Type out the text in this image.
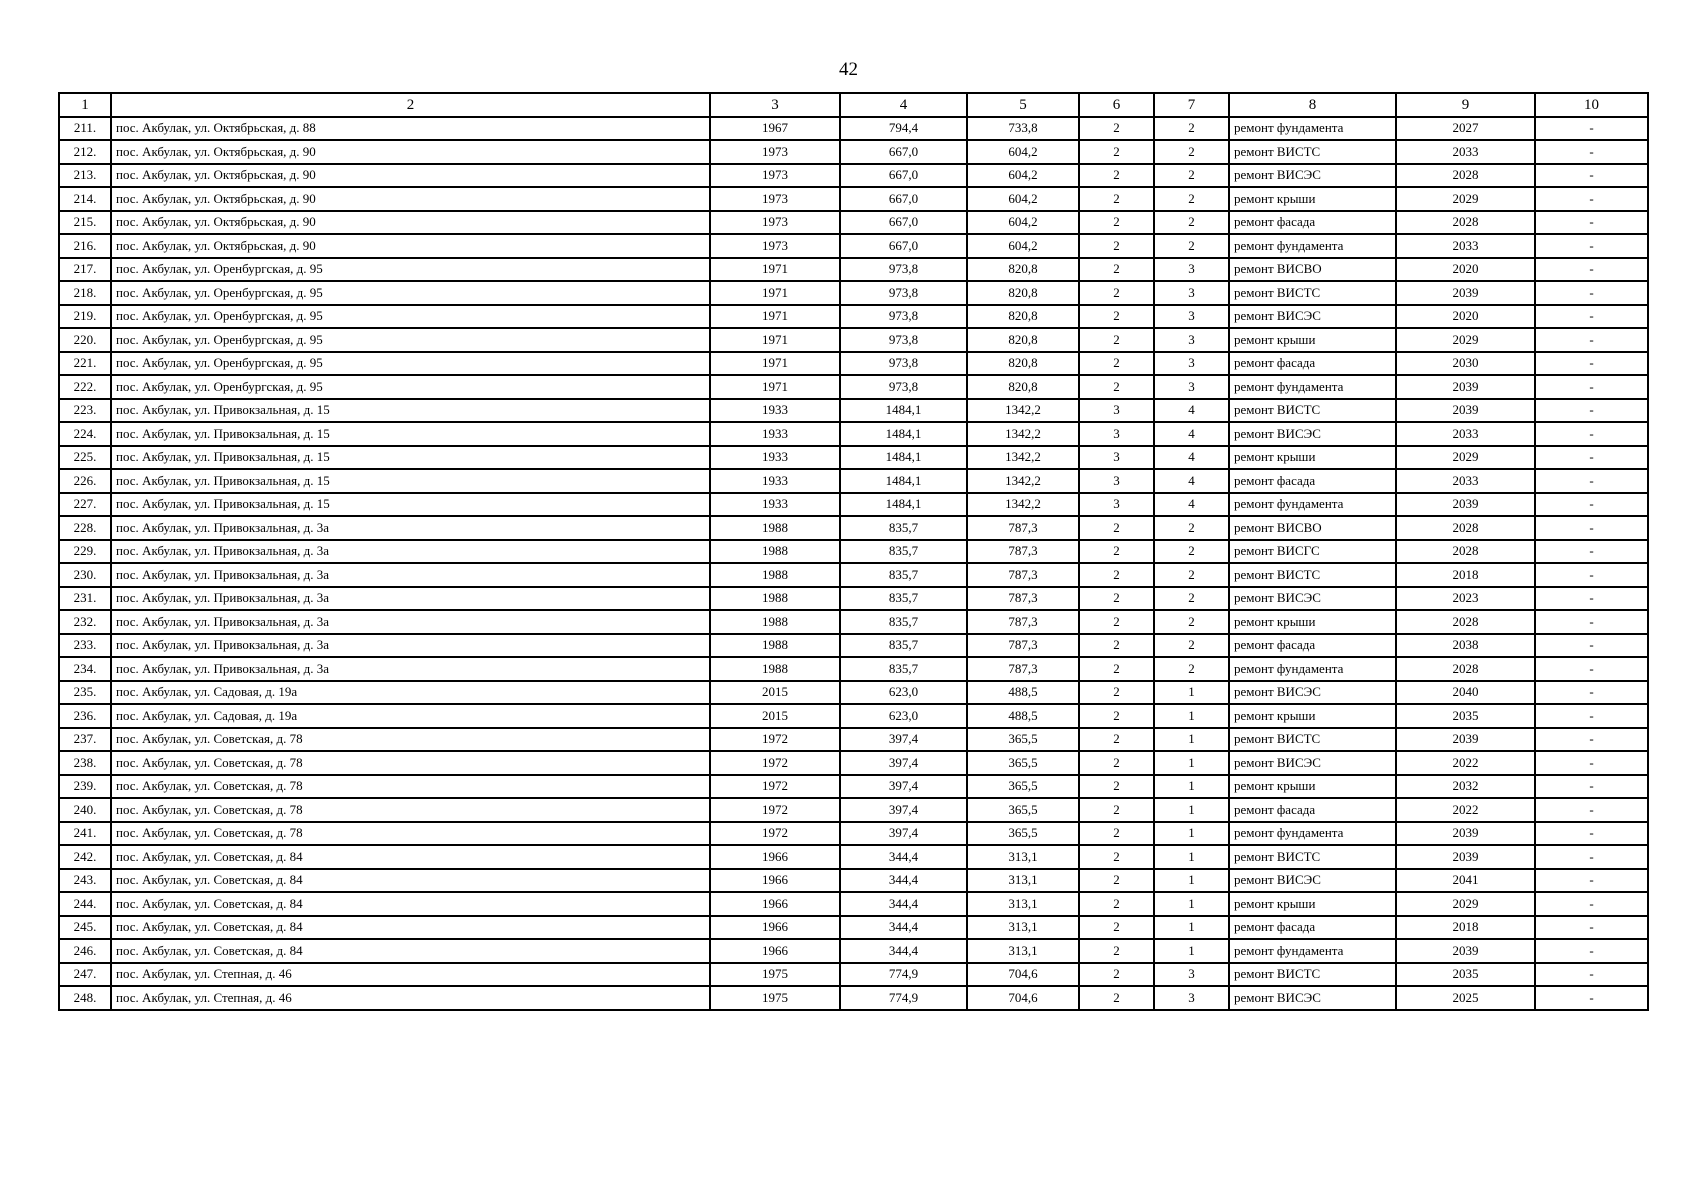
42
1	2	3	4	5	6	7	8	9	10
211.	пос. Акбулак, ул. Октябрьская, д. 88	1967	794,4	733,8	2	2	ремонт фундамента	2027	-
212.	пос. Акбулак, ул. Октябрьская, д. 90	1973	667,0	604,2	2	2	ремонт ВИСТС	2033	-
213.	пос. Акбулак, ул. Октябрьская, д. 90	1973	667,0	604,2	2	2	ремонт ВИСЭС	2028	-
214.	пос. Акбулак, ул. Октябрьская, д. 90	1973	667,0	604,2	2	2	ремонт крыши	2029	-
215.	пос. Акбулак, ул. Октябрьская, д. 90	1973	667,0	604,2	2	2	ремонт фасада	2028	-
216.	пос. Акбулак, ул. Октябрьская, д. 90	1973	667,0	604,2	2	2	ремонт фундамента	2033	-
217.	пос. Акбулак, ул. Оренбургская, д. 95	1971	973,8	820,8	2	3	ремонт ВИСВО	2020	-
218.	пос. Акбулак, ул. Оренбургская, д. 95	1971	973,8	820,8	2	3	ремонт ВИСТС	2039	-
219.	пос. Акбулак, ул. Оренбургская, д. 95	1971	973,8	820,8	2	3	ремонт ВИСЭС	2020	-
220.	пос. Акбулак, ул. Оренбургская, д. 95	1971	973,8	820,8	2	3	ремонт крыши	2029	-
221.	пос. Акбулак, ул. Оренбургская, д. 95	1971	973,8	820,8	2	3	ремонт фасада	2030	-
222.	пос. Акбулак, ул. Оренбургская, д. 95	1971	973,8	820,8	2	3	ремонт фундамента	2039	-
223.	пос. Акбулак, ул. Привокзальная, д. 15	1933	1484,1	1342,2	3	4	ремонт ВИСТС	2039	-
224.	пос. Акбулак, ул. Привокзальная, д. 15	1933	1484,1	1342,2	3	4	ремонт ВИСЭС	2033	-
225.	пос. Акбулак, ул. Привокзальная, д. 15	1933	1484,1	1342,2	3	4	ремонт крыши	2029	-
226.	пос. Акбулак, ул. Привокзальная, д. 15	1933	1484,1	1342,2	3	4	ремонт фасада	2033	-
227.	пос. Акбулак, ул. Привокзальная, д. 15	1933	1484,1	1342,2	3	4	ремонт фундамента	2039	-
228.	пос. Акбулак, ул. Привокзальная, д. 3а	1988	835,7	787,3	2	2	ремонт ВИСВО	2028	-
229.	пос. Акбулак, ул. Привокзальная, д. 3а	1988	835,7	787,3	2	2	ремонт ВИСГС	2028	-
230.	пос. Акбулак, ул. Привокзальная, д. 3а	1988	835,7	787,3	2	2	ремонт ВИСТС	2018	-
231.	пос. Акбулак, ул. Привокзальная, д. 3а	1988	835,7	787,3	2	2	ремонт ВИСЭС	2023	-
232.	пос. Акбулак, ул. Привокзальная, д. 3а	1988	835,7	787,3	2	2	ремонт крыши	2028	-
233.	пос. Акбулак, ул. Привокзальная, д. 3а	1988	835,7	787,3	2	2	ремонт фасада	2038	-
234.	пос. Акбулак, ул. Привокзальная, д. 3а	1988	835,7	787,3	2	2	ремонт фундамента	2028	-
235.	пос. Акбулак, ул. Садовая, д. 19а	2015	623,0	488,5	2	1	ремонт ВИСЭС	2040	-
236.	пос. Акбулак, ул. Садовая, д. 19а	2015	623,0	488,5	2	1	ремонт крыши	2035	-
237.	пос. Акбулак, ул. Советская, д. 78	1972	397,4	365,5	2	1	ремонт ВИСТС	2039	-
238.	пос. Акбулак, ул. Советская, д. 78	1972	397,4	365,5	2	1	ремонт ВИСЭС	2022	-
239.	пос. Акбулак, ул. Советская, д. 78	1972	397,4	365,5	2	1	ремонт крыши	2032	-
240.	пос. Акбулак, ул. Советская, д. 78	1972	397,4	365,5	2	1	ремонт фасада	2022	-
241.	пос. Акбулак, ул. Советская, д. 78	1972	397,4	365,5	2	1	ремонт фундамента	2039	-
242.	пос. Акбулак, ул. Советская, д. 84	1966	344,4	313,1	2	1	ремонт ВИСТС	2039	-
243.	пос. Акбулак, ул. Советская, д. 84	1966	344,4	313,1	2	1	ремонт ВИСЭС	2041	-
244.	пос. Акбулак, ул. Советская, д. 84	1966	344,4	313,1	2	1	ремонт крыши	2029	-
245.	пос. Акбулак, ул. Советская, д. 84	1966	344,4	313,1	2	1	ремонт фасада	2018	-
246.	пос. Акбулак, ул. Советская, д. 84	1966	344,4	313,1	2	1	ремонт фундамента	2039	-
247.	пос. Акбулак, ул. Степная, д. 46	1975	774,9	704,6	2	3	ремонт ВИСТС	2035	-
248.	пос. Акбулак, ул. Степная, д. 46	1975	774,9	704,6	2	3	ремонт ВИСЭС	2025	-
